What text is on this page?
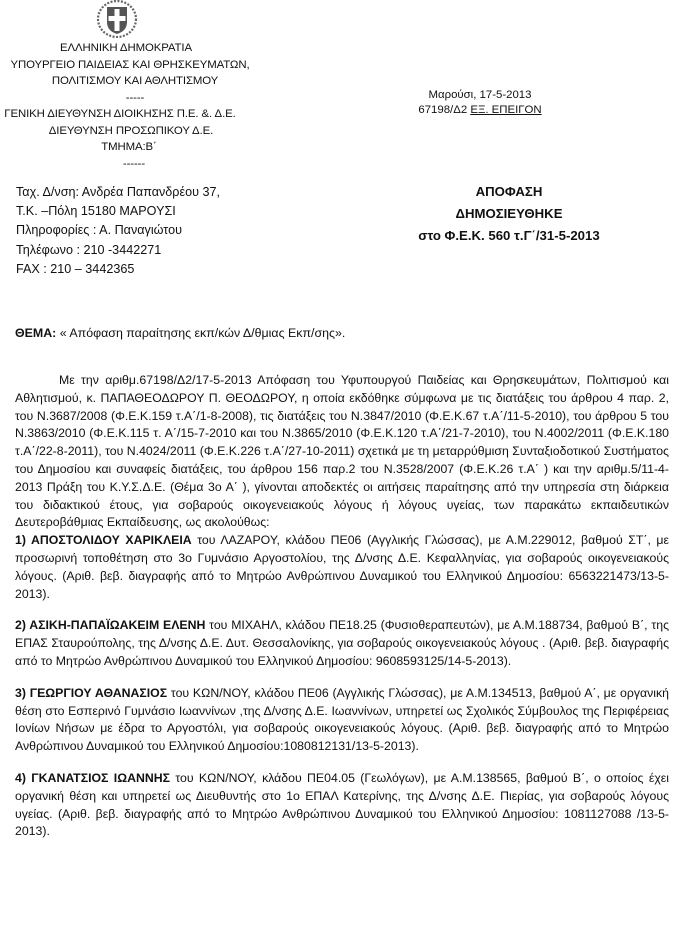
ΕΛΛΗΝΙΚΗ ΔΗΜΟΚΡΑΤΙΑ
ΥΠΟΥΡΓΕΙΟ ΠΑΙΔΕΙΑΣ ΚΑΙ ΘΡΗΣΚΕΥΜΑΤΩΝ,
ΠΟΛΙΤΙΣΜΟΥ ΚΑΙ ΑΘΛΗΤΙΣΜΟΥ
-----
ΓΕΝΙΚΗ ΔΙΕΥΘΥΝΣΗ ΔΙΟΙΚΗΣΗΣ Π.Ε. &. Δ.Ε.
ΔΙΕΥΘΥΝΣΗ ΠΡΟΣΩΠΙΚΟΥ Δ.Ε.
ΤΜΗΜΑ:Β΄
------
Μαρούσι, 17-5-2013
67198/Δ2 ΕΞ. ΕΠΕΙΓΟΝ
ΑΠΟΦΑΣΗ
ΔΗΜΟΣΙΕΥΘΗΚΕ
στο Φ.Ε.Κ. 560 τ.Γ΄/31-5-2013
Ταχ. Δ/νση: Ανδρέα Παπανδρέου 37,
Τ.Κ. –Πόλη 15180 ΜΑΡΟΥΣΙ
Πληροφορίες : Α. Παναγιώτου
Τηλέφωνο : 210 -3442271
FAX : 210 – 3442365
ΘΕΜΑ: « Απόφαση παραίτησης εκπ/κών Δ/θμιας Εκπ/σης».

Με την αριθμ.67198/Δ2/17-5-2013 Απόφαση του Υφυπουργού Παιδείας και Θρησκευμάτων, Πολιτισμού και Αθλητισμού, κ. ΠΑΠΑΘΕΟΔΩΡΟΥ Π. ΘΕΟΔΩΡΟΥ, η οποία εκδόθηκε σύμφωνα με τις διατάξεις του άρθρου 4 παρ. 2, του Ν.3687/2008 (Φ.Ε.Κ.159 τ.Α΄/1-8-2008), τις διατάξεις του Ν.3847/2010 (Φ.Ε.Κ.67 τ.Α΄/11-5-2010), του άρθρου 5 του Ν.3863/2010 (Φ.Ε.Κ.115 τ. Α΄/15-7-2010 και του Ν.3865/2010 (Φ.Ε.Κ.120 τ.Α΄/21-7-2010), του Ν.4002/2011 (Φ.Ε.Κ.180 τ.Α΄/22-8-2011), του Ν.4024/2011 (Φ.Ε.Κ.226 τ.Α΄/27-10-2011) σχετικά με τη μεταρρύθμιση Συνταξιοδοτικού Συστήματος του Δημοσίου και συναφείς διατάξεις, του άρθρου 156 παρ.2 του Ν.3528/2007 (Φ.Ε.Κ.26 τ.Α΄ ) και την αριθμ.5/11-4-2013 Πράξη του Κ.Υ.Σ.Δ.Ε. (Θέμα 3ο Α΄ ), γίνονται αποδεκτές οι αιτήσεις παραίτησης από την υπηρεσία στη διάρκεια του διδακτικού έτους, για σοβαρούς οικογενειακούς λόγους ή λόγους υγείας, των παρακάτω εκπαιδευτικών Δευτεροβάθμιας Εκπαίδευσης, ως ακολούθως:

1) ΑΠΟΣΤΟΛΙΔΟΥ ΧΑΡΙΚΛΕΙΑ του ΛΑΖΑΡΟΥ, κλάδου ΠΕ06 (Αγγλικής Γλώσσας), με Α.Μ.229012, βαθμού ΣΤ΄, με προσωρινή τοποθέτηση στο 3ο Γυμνάσιο Αργοστολίου, της Δ/νσης Δ.Ε. Κεφαλληνίας, για σοβαρούς οικογενειακούς λόγους. (Αριθ. βεβ. διαγραφής από το Μητρώο Ανθρώπινου Δυναμικού του Ελληνικού Δημοσίου: 6563221473/13-5-2013).

2) ΑΣΙΚΗ-ΠΑΠΑΪΩΑΚΕΙΜ ΕΛΕΝΗ του ΜΙΧΑΗΛ, κλάδου ΠΕ18.25 (Φυσιοθεραπευτών), με Α.Μ.188734, βαθμού Β΄, της ΕΠΑΣ Σταυρούπολης, της Δ/νσης Δ.Ε. Δυτ. Θεσσαλονίκης, για σοβαρούς οικογενειακούς λόγους . (Αριθ. βεβ. διαγραφής από το Μητρώο Ανθρώπινου Δυναμικού του Ελληνικού Δημοσίου: 9608593125/14-5-2013).

3) ΓΕΩΡΓΙΟΥ ΑΘΑΝΑΣΙΟΣ του ΚΩΝ/ΝΟΥ, κλάδου ΠΕ06 (Αγγλικής Γλώσσας), με Α.Μ.134513, βαθμού Α΄, με οργανική θέση στο Εσπερινό Γυμνάσιο Ιωαννίνων ,της Δ/νσης Δ.Ε. Ιωαννίνων, υπηρετεί ως Σχολικός Σύμβουλος της Περιφέρειας Ιονίων Νήσων με έδρα το Αργοστόλι, για σοβαρούς οικογενειακούς λόγους. (Αριθ. βεβ. διαγραφής από το Μητρώο Ανθρώπινου Δυναμικού του Ελληνικού Δημοσίου:1080812131/13-5-2013).

4) ΓΚΑΝΑΤΣΙΟΣ ΙΩΑΝΝΗΣ του ΚΩΝ/ΝΟΥ, κλάδου ΠΕ04.05 (Γεωλόγων), με Α.Μ.138565, βαθμού Β΄, ο οποίος έχει οργανική θέση και υπηρετεί ως Διευθυντής στο 1ο ΕΠΑΛ Κατερίνης, της Δ/νσης Δ.Ε. Πιερίας, για σοβαρούς λόγους υγείας. (Αριθ. βεβ. διαγραφής από το Μητρώο Ανθρώπινου Δυναμικού του Ελληνικού Δημοσίου: 1081127088 /13-5-2013).
